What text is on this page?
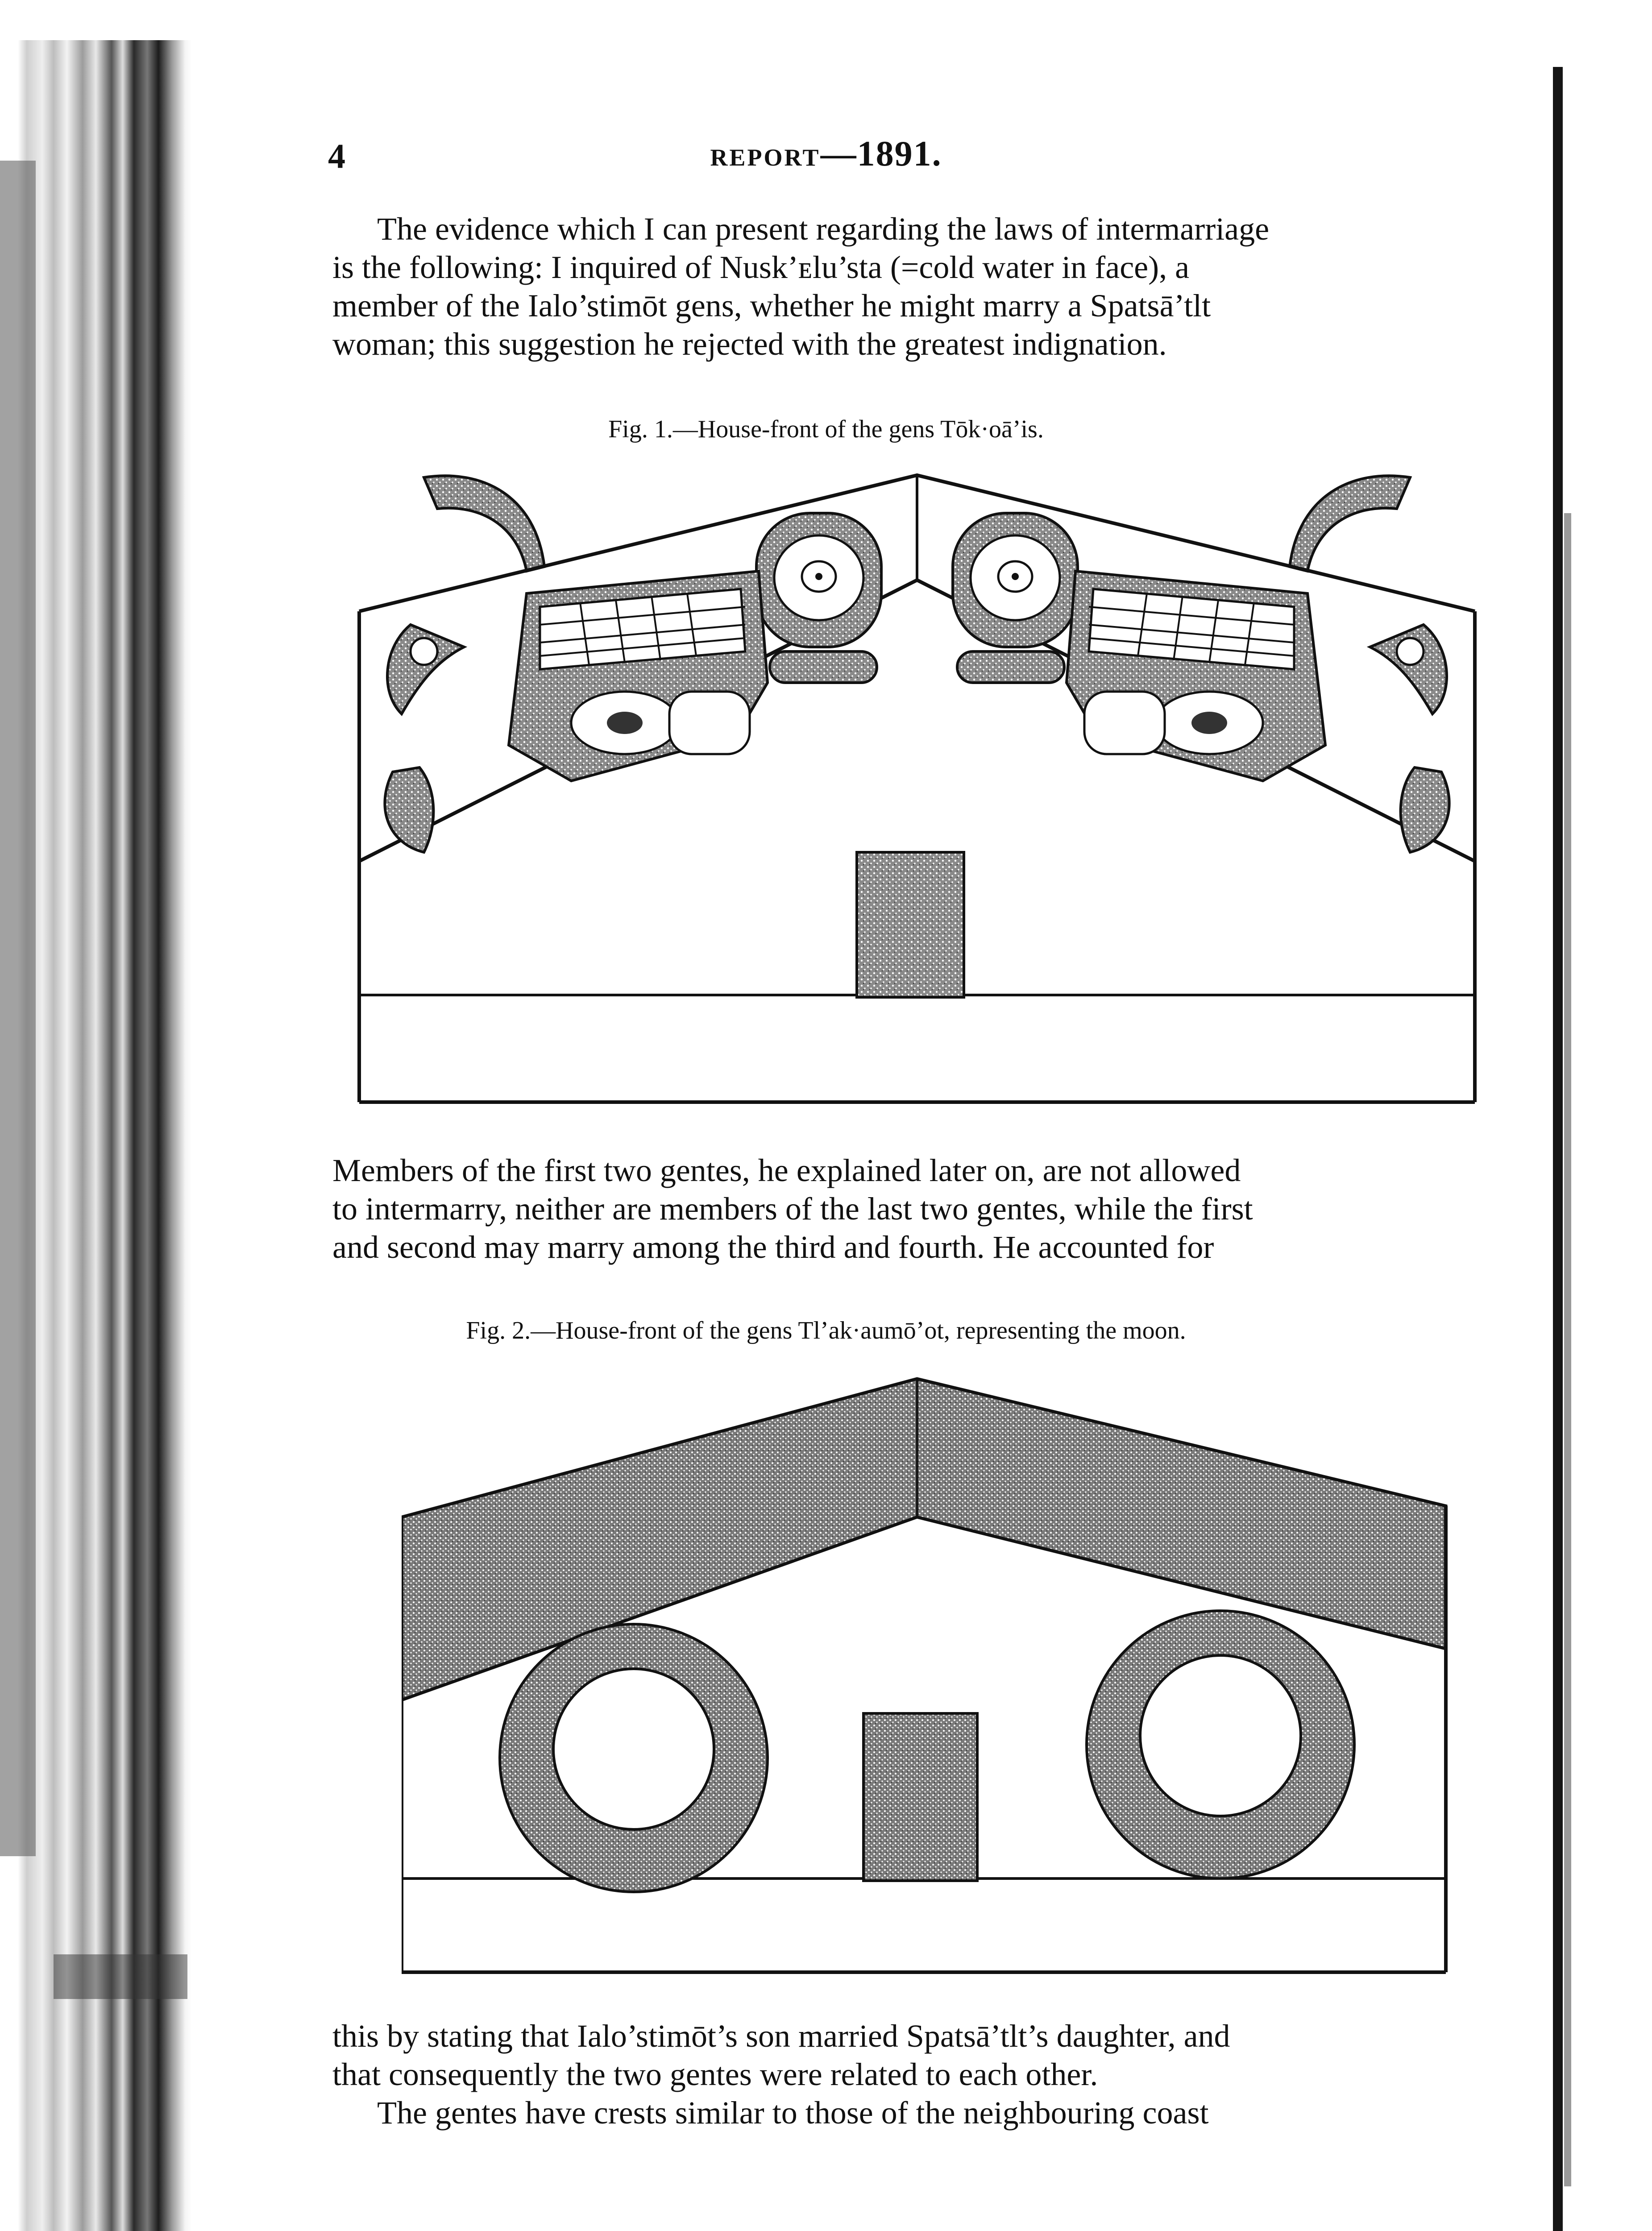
4	REPORT—1891.
The evidence which I can present regarding the laws of intermarriage
is the following: I inquired of Nusk’ᴇlu’sta (=cold water in face), a
member of the Ialo’stimōt gens, whether he might marry a Spatsā’tlt
woman; this suggestion he rejected with the greatest indignation.

Fig. 1.—House-front of the gens Tōk·oā’is.

Members of the first two gentes, he explained later on, are not allowed
to intermarry, neither are members of the last two gentes, while the first
and second may marry among the third and fourth. He accounted for

Fig. 2.—House-front of the gens Tl’ak·aumō’ot, representing the moon.

this by stating that Ialo’stimōt’s son married Spatsā’tlt’s daughter, and
that consequently the two gentes were related to each other.
The gentes have crests similar to those of the neighbouring coast
